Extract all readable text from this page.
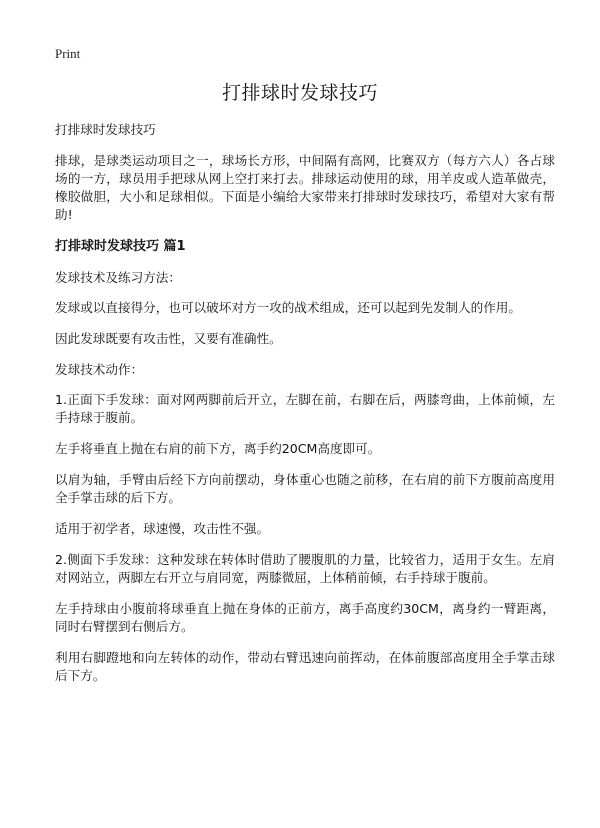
Print
打排球时发球技巧

打排球时发球技巧

排球，是球类运动项目之一，球场长方形，中间隔有高网，比赛双方（每方六人）各占球场的一方，球员用手把球从网上空打来打去。排球运动使用的球，用羊皮或人造革做壳，橡胶做胆，大小和足球相似。下面是小编给大家带来打排球时发球技巧，希望对大家有帮助!

打排球时发球技巧 篇1

发球技术及练习方法：

发球或以直接得分，也可以破坏对方一攻的战术组成，还可以起到先发制人的作用。

因此发球既要有攻击性，又要有准确性。

发球技术动作：

1.正面下手发球：面对网两脚前后开立，左脚在前，右脚在后，两膝弯曲，上体前倾，左手持球于腹前。

左手将垂直上抛在右肩的前下方，离手约20CM高度即可。

以肩为轴，手臂由后经下方向前摆动，身体重心也随之前移，在右肩的前下方腹前高度用全手掌击球的后下方。

适用于初学者，球速慢，攻击性不强。

2.侧面下手发球：这种发球在转体时借助了腰腹肌的力量，比较省力，适用于女生。左肩对网站立，两脚左右开立与肩同宽，两膝微屈，上体稍前倾，右手持球于腹前。

左手持球由小腹前将球垂直上抛在身体的正前方，离手高度约30CM，离身约一臂距离，同时右臂摆到右侧后方。

利用右脚蹬地和向左转体的动作，带动右臂迅速向前挥动，在体前腹部高度用全手掌击球后下方。
